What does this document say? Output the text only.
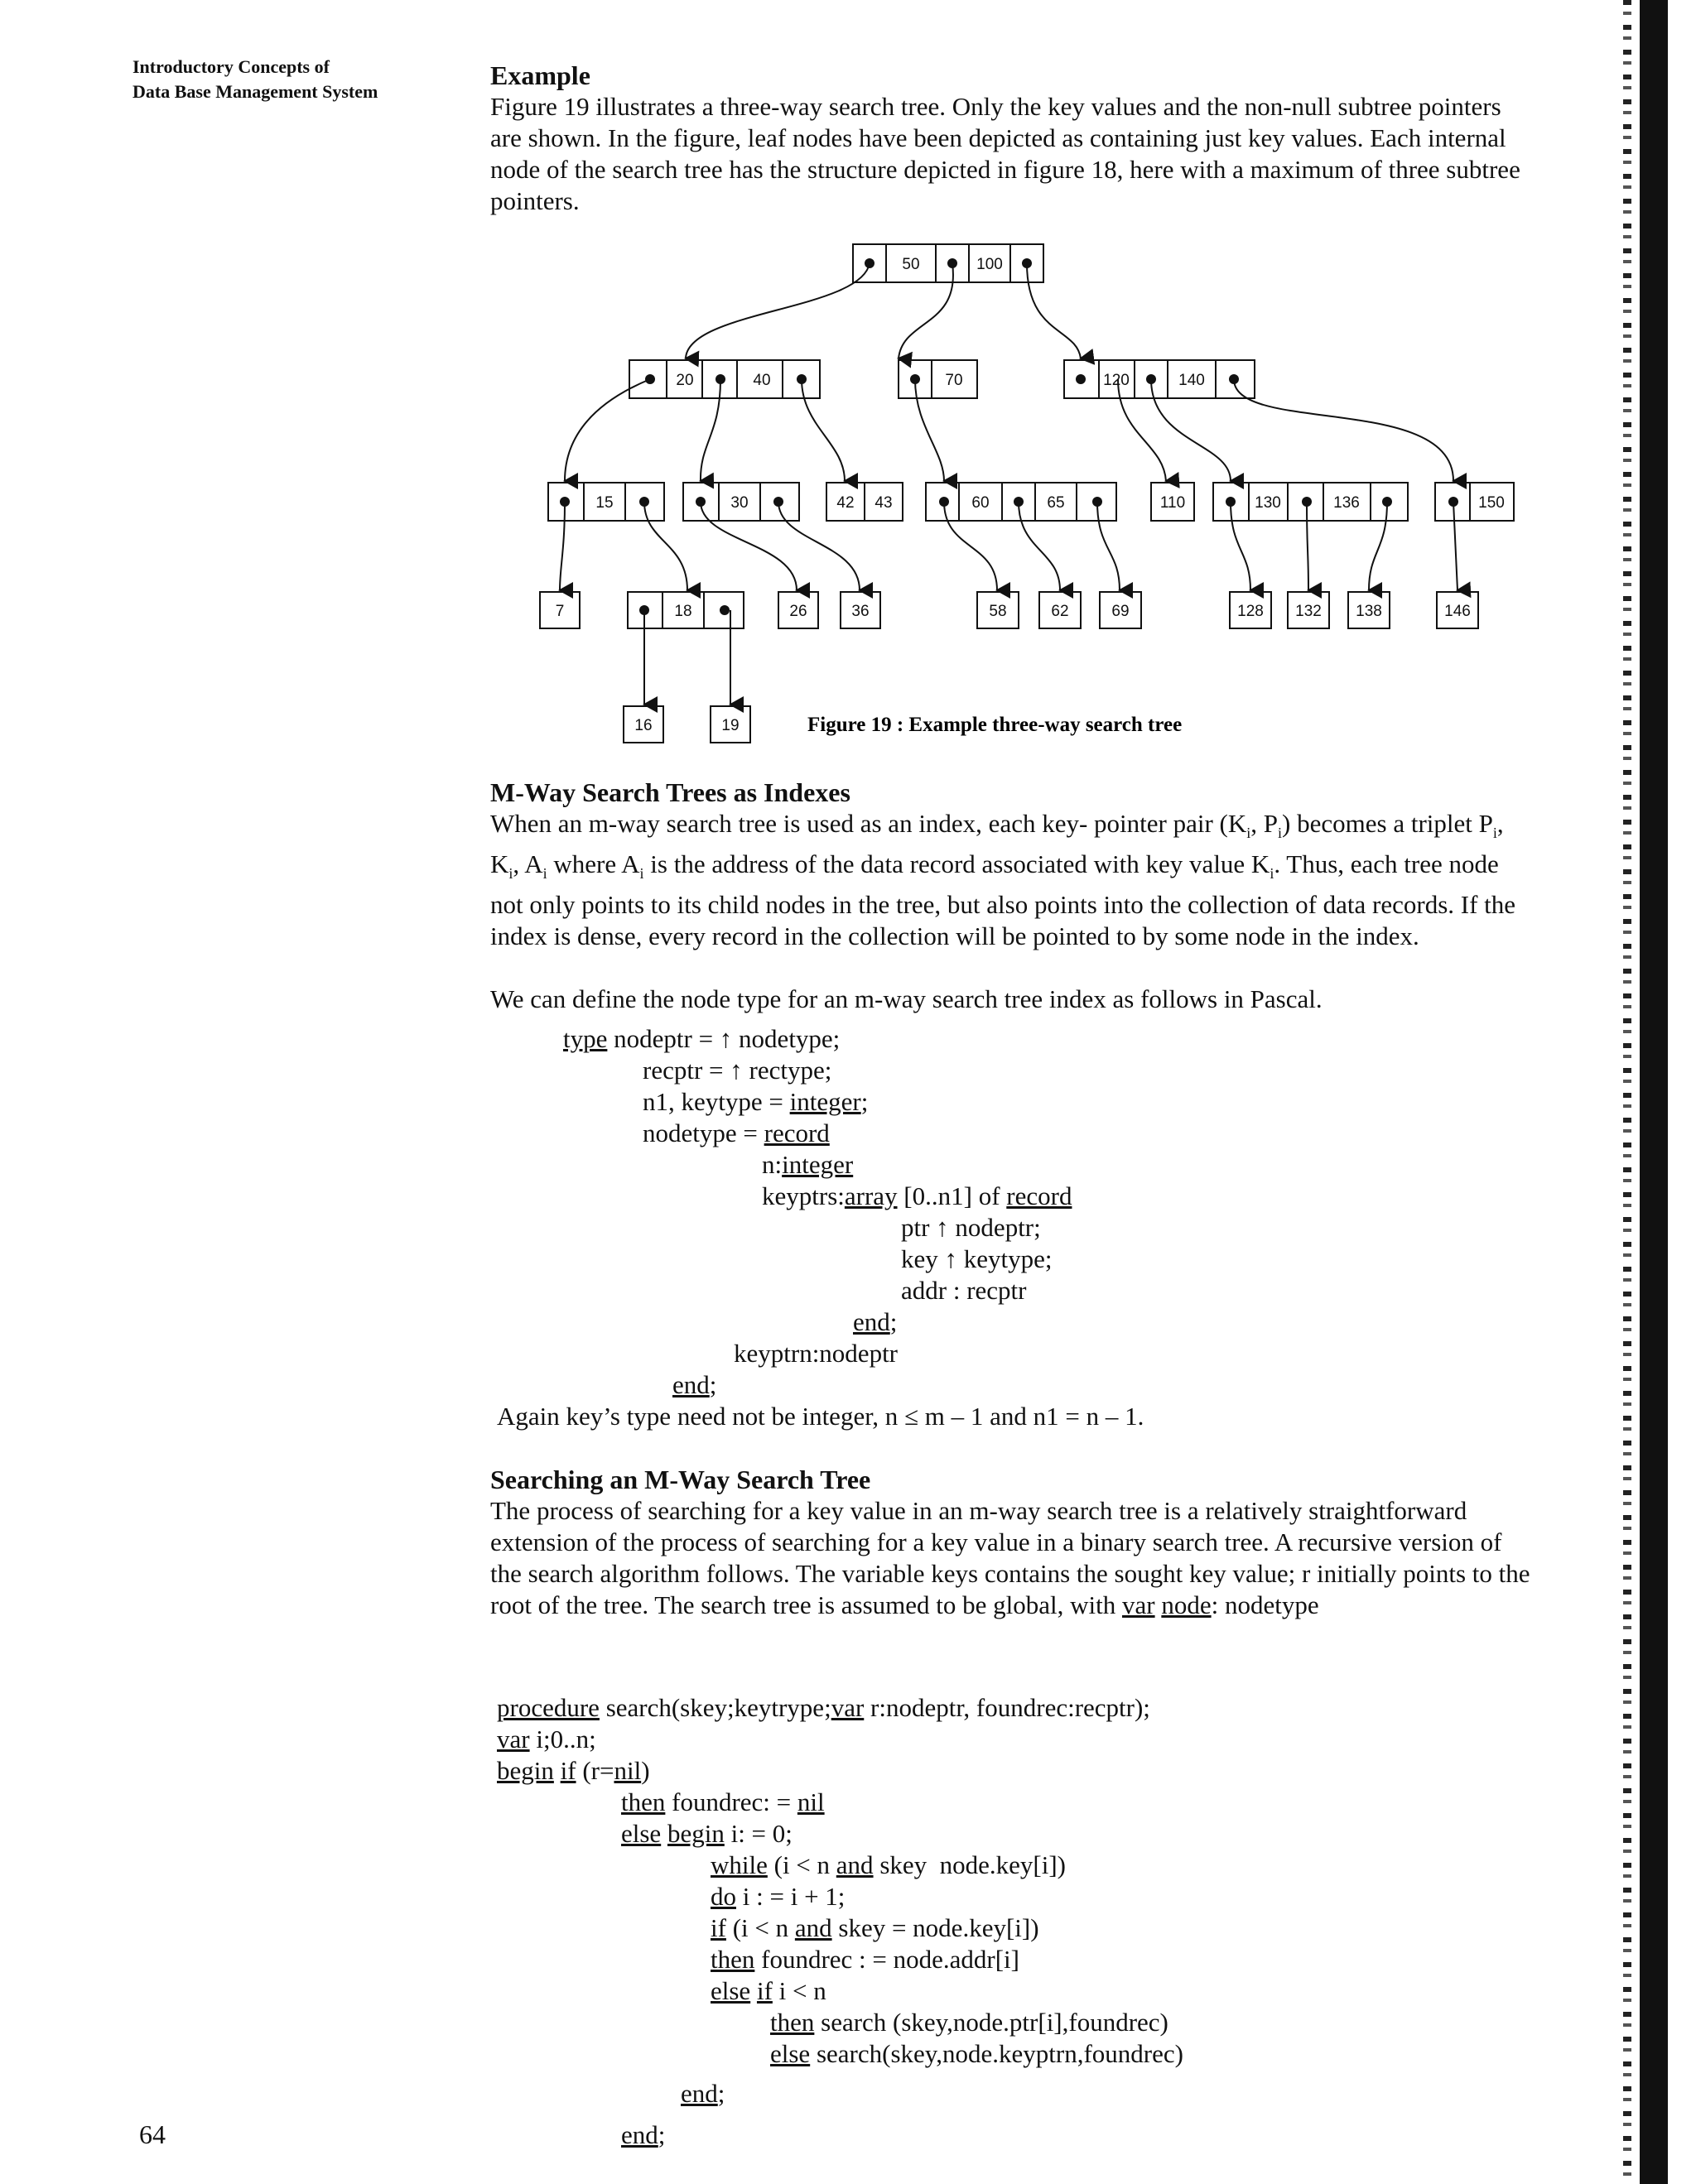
Introductory Concepts of
Data Base Management System
64
Example
Figure 19 illustrates a three-way search tree. Only the key values and the non-null subtree pointers are shown. In the figure, leaf nodes have been depicted as containing just key values. Each internal node of the search tree has the structure depicted in figure 18, here with a maximum of three subtree pointers.
50	100
20	40	70	120	140
15	30	42 43	60	65	110	130	136	150
7	18	26	36	58	62	69	128 132 138	146
16	19	Figure 19 : Example three-way search tree
M-Way Search Trees as Indexes
When an m-way search tree is used as an index, each key- pointer pair ($K_i$, $P_i$) becomes a triplet $P_i$, $K_i$, $A_i$ where $A_i$ is the address of the data record associated with key value $K_i$. Thus, each tree node not only points to its child nodes in the tree, but also points into the collection of data records. If the index is dense, every record in the collection will be pointed to by some node in the index.
We can define the node type for an m-way search tree index as follows in Pascal.
type nodeptr = ↑ nodetype;
recptr = ↑ rectype;
n1, keytype = integer;
nodetype = record
n:integer
keyptrs:array [0..n1] of record
ptr ↑ nodeptr;
key ↑ keytype;
addr : recptr
end;
keyptrn:nodeptr
end;
Again key’s type need not be integer, n ≤ m – 1 and n1 = n – 1.
Searching an M-Way Search Tree
The process of searching for a key value in an m-way search tree is a relatively straightforward extension of the process of searching for a key value in a binary search tree. A recursive version of the search algorithm follows. The variable keys contains the sought key value; r initially points to the root of the tree. The search tree is assumed to be global, with var node: nodetype
procedure search(skey;keytrype;var r:nodeptr, foundrec:recptr);
var i;0..n;
begin if (r=nil)
then foundrec: = nil
else begin i: = 0;
while (i < n and skey  node.key[i])
do i : = i + 1;
if (i < n and skey = node.key[i])
then foundrec : = node.addr[i]
else if i < n
then search (skey,node.ptr[i],foundrec)
else search(skey,node.keyptrn,foundrec)
end;
end;
